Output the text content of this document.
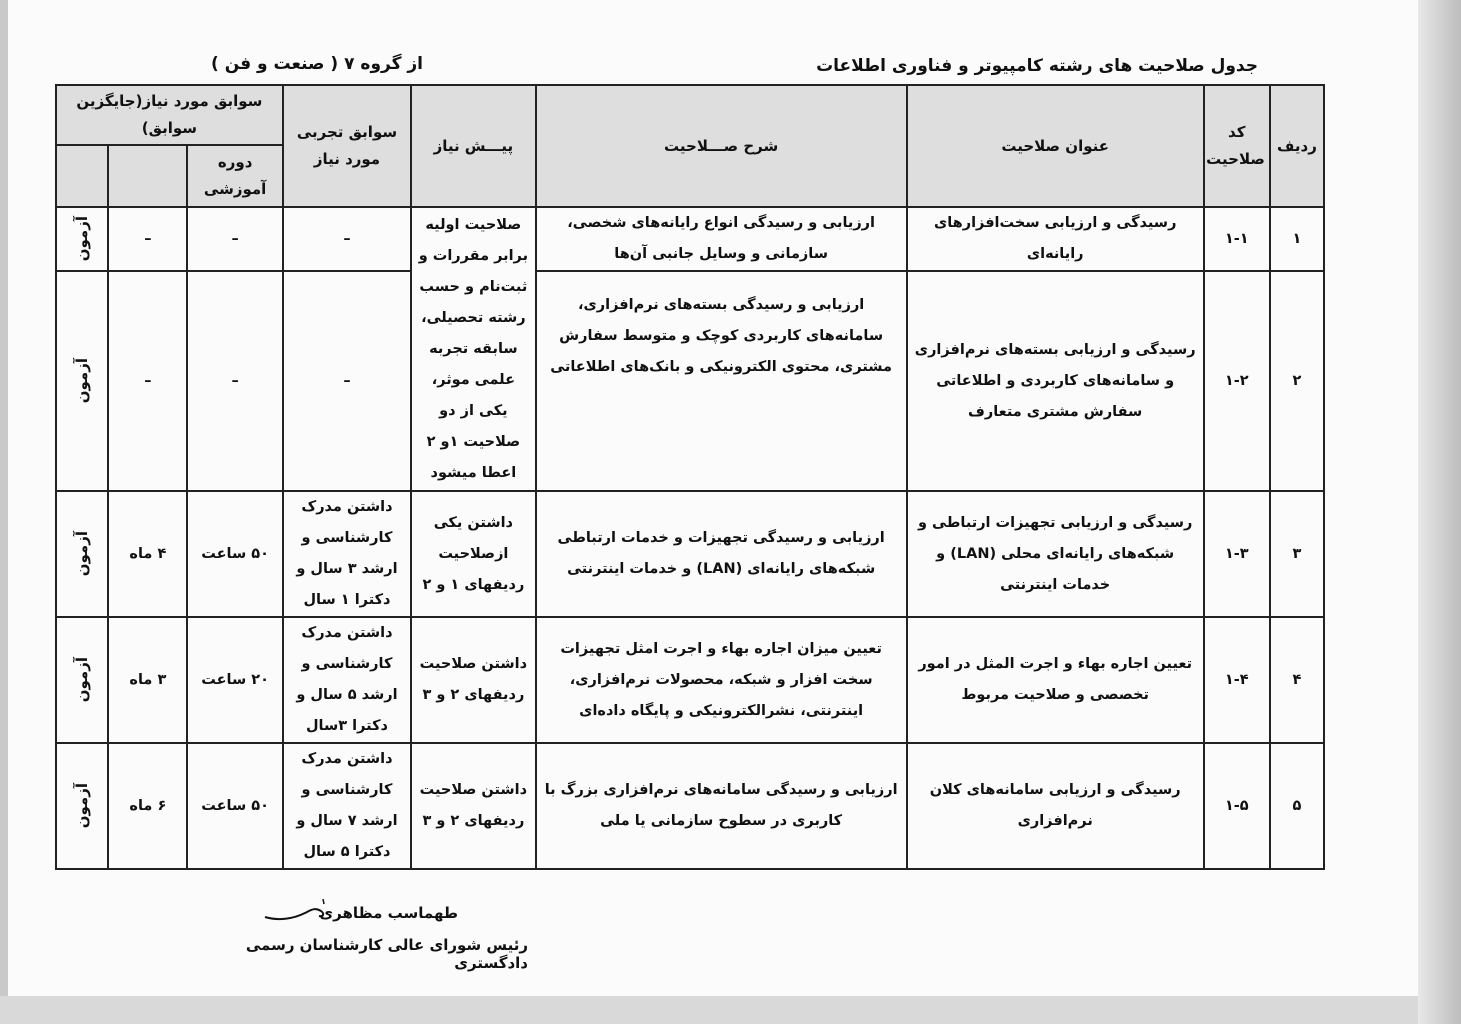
جدول صلاحیت های رشته کامپیوتر و فناوری اطلاعات
از گروه ۷ ( صنعت و فن )
ردیف	کد صلاحیت	عنوان صلاحیت	شرح صـــلاحیت	پیـــش نیاز	سوابق تجربی مورد نیاز	سوابق مورد نیاز(جایگزین سوابق)		
						دوره آموزشی		
۱	۱-۱	رسیدگی و ارزیابی سخت‌افزارهای رایانه‌ای	ارزیابی و رسیدگی انواع رایانه‌های شخصی، سازمانی و وسایل جانبی آن‌ها	صلاحیت اولیه برابر مقررات و ثبت‌نام و حسب رشته تحصیلی، سابقه تجربه علمی موثر، یکی از دو صلاحیت ۱و ۲ اعطا میشود	–	–	–	آزمون
۲	۱-۲	رسیدگی و ارزیابی بسته‌های نرم‌افزاری و سامانه‌های کاربردی و اطلاعاتی سفارش مشتری متعارف	ارزیابی و رسیدگی بسته‌های نرم‌افزاری، سامانه‌های کاربردی کوچک و متوسط سفارش مشتری، محتوی الکترونیکی و بانک‌های اطلاعاتی		–	–	–	آزمون
۳	۱-۳	رسیدگی و ارزیابی تجهیزات ارتباطی و شبکه‌های رایانه‌ای محلی (LAN) و خدمات اینترنتی	ارزیابی و رسیدگی تجهیزات و خدمات ارتباطی شبکه‌های رایانه‌ای (LAN) و خدمات اینترنتی	داشتن یکی ازصلاحیت ردیفهای ۱ و ۲	داشتن مدرک کارشناسی و ارشد ۳ سال و دکترا ۱ سال	۵۰ ساعت	۴ ماه	آزمون
۴	۱-۴	تعیین اجاره بهاء و اجرت المثل در امور تخصصی و صلاحیت مربوط	تعیین میزان اجاره بهاء و اجرت امثل تجهیزات سخت افزار و شبکه، محصولات نرم‌افزاری، اینترنتی، نشرالکترونیکی و پایگاه داده‌ای	داشتن صلاحیت ردیفهای ۲ و ۳	داشتن مدرک کارشناسی و ارشد ۵ سال و دکترا ۳سال	۲۰ ساعت	۳ ماه	آزمون
۵	۱-۵	رسیدگی و ارزیابی سامانه‌های کلان نرم‌افزاری	ارزیابی و رسیدگی سامانه‌های نرم‌افزاری بزرگ با کاربری در سطوح سازمانی یا ملی	داشتن صلاحیت ردیفهای ۲ و ۳	داشتن مدرک کارشناسی و ارشد ۷ سال و دکترا ۵ سال	۵۰ ساعت	۶ ماه	آزمون
طهماسب مظاهری
رئیس شورای عالی کارشناسان رسمی دادگستری
